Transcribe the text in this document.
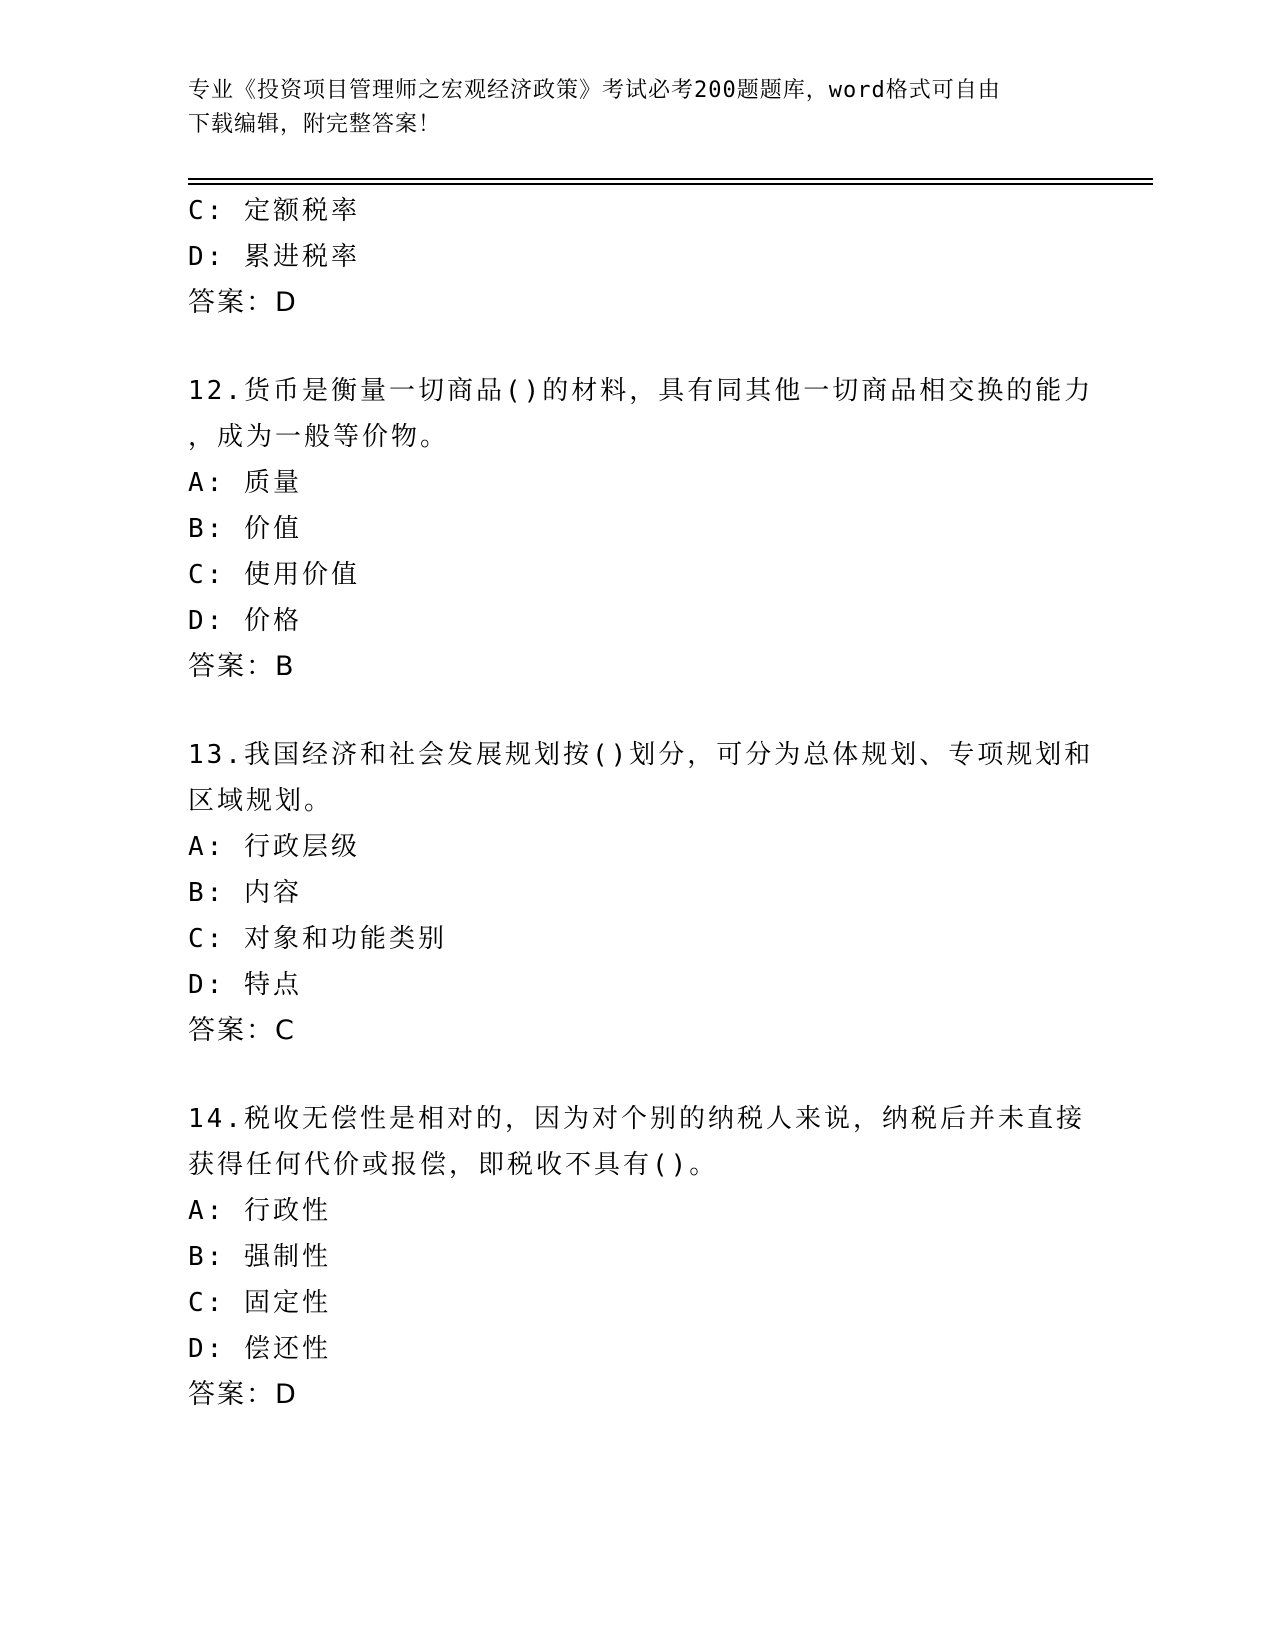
专业《投资项目管理师之宏观经济政策》考试必考200题题库，word格式可自由
下载编辑，附完整答案！
C: 定额税率
D: 累进税率
答案：D
12.货币是衡量一切商品()的材料，具有同其他一切商品相交换的能力
，成为一般等价物。
A: 质量
B: 价值
C: 使用价值
D: 价格
答案：B
13.我国经济和社会发展规划按()划分，可分为总体规划、专项规划和
区域规划。
A: 行政层级
B: 内容
C: 对象和功能类别
D: 特点
答案：C
14.税收无偿性是相对的，因为对个别的纳税人来说，纳税后并未直接
获得任何代价或报偿，即税收不具有()。
A: 行政性
B: 强制性
C: 固定性
D: 偿还性
答案：D
